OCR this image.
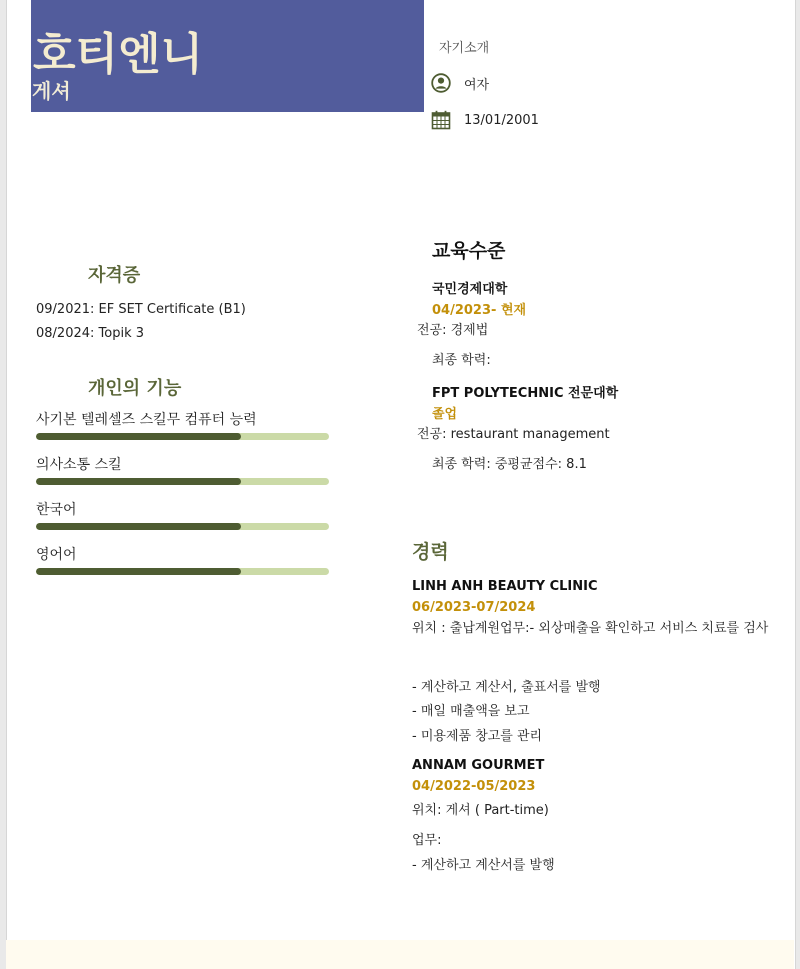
호티엔니
게셔
자기소개
여자
13/01/2001
자격증
09/2021: EF SET Certificate (B1)
08/2024: Topik 3
개인의 기능
사기본 텔레셀즈 스킬무 컴퓨터 능력
의사소통 스킬
한국어
영어어
교육수준
국민경제대학
04/2023- 현재
전공: 경제법
최종 학력:
FPT POLYTECHNIC 전문대학
졸업
전공: restaurant management
최종 학력: 중평균점수: 8.1
경력
LINH ANH BEAUTY CLINIC
06/2023-07/2024
위치 : 출납계원업무:- 외상매출을 확인하고 서비스 치료를 검사
- 계산하고 계산서, 출표서를 발행
- 매일 매출액을 보고
- 미용제품 창고를 관리
ANNAM GOURMET
04/2022-05/2023
위치: 게셔 ( Part-time)
업무:
- 계산하고 계산서를 발행
